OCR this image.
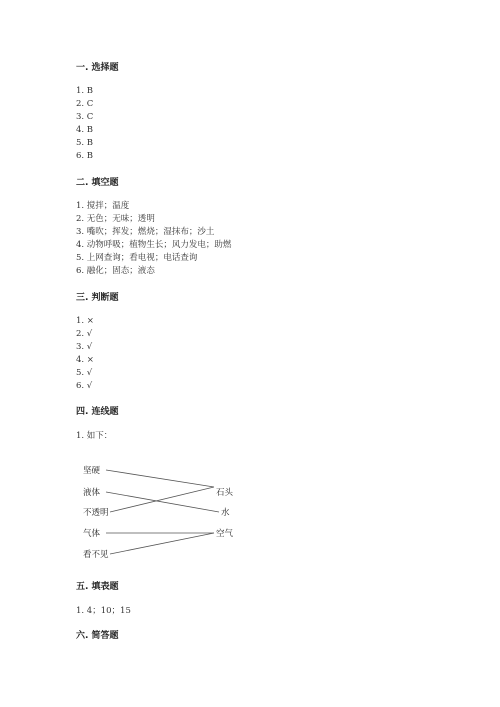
一. 选择题
1. B
2. C
3. C
4. B
5. B
6. B
二. 填空题
1. 搅拌；温度
2. 无色；无味；透明
3. 嘴吹；挥发；燃烧；湿抹布；沙土
4. 动物呼吸；植物生长；风力发电；助燃
5. 上网查询；看电视；电话查询
6. 融化；固态；液态
三. 判断题
1. ×
2. √
3. √
4. ×
5. √
6. √
四. 连线题
1. 如下：
坚硬
液体
不透明
气体
看不见
石头
水
空气
五. 填表题
1. 4；10；15
六. 简答题
